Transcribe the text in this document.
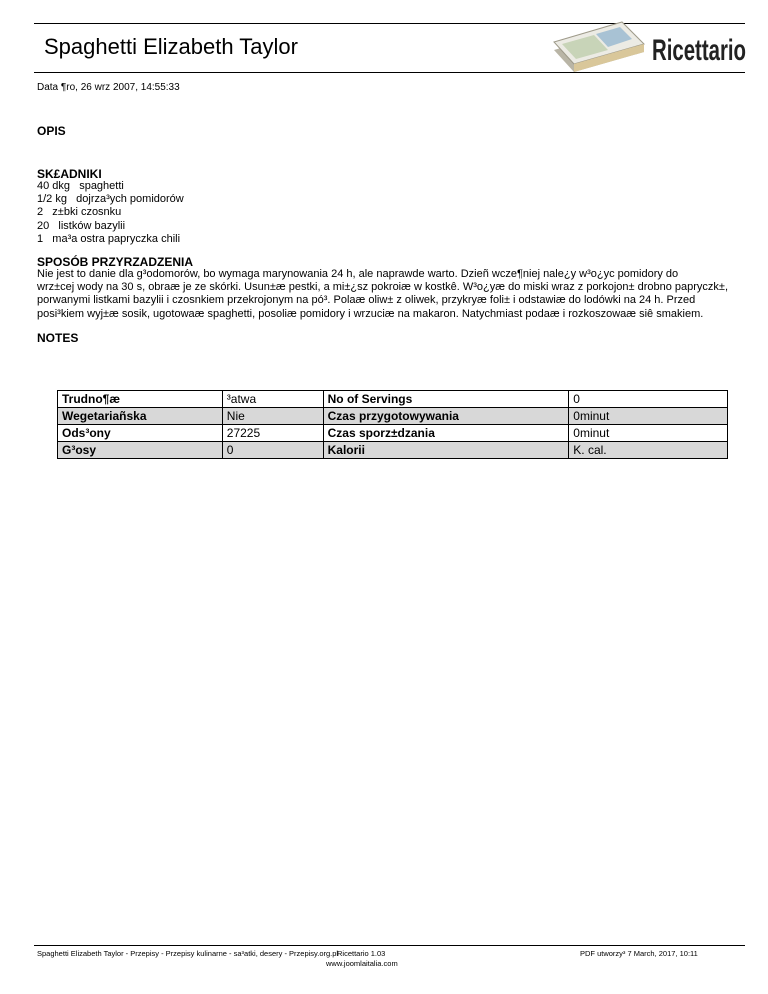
Spaghetti Elizabeth Taylor	Ricettario
Data ¶ro, 26 wrz 2007, 14:55:33
OPIS
SK£ADNIKI
40 dkg   spaghetti
1/2 kg   dojrza³ych pomidorów
2   z±bki czosnku
20   listków bazylii
1   ma³a ostra papryczka chili
SPOSÓB PRZYRZADZENIA
Nie jest to danie dla g³odomorów, bo wymaga marynowania 24 h, ale naprawde warto. Dzieñ wcze¶niej nale¿y w³o¿yc pomidory do
wrz±cej wody na 30 s, obraæ je ze skórki. Usun±æ pestki, a mi±¿sz pokroiæ w kostkê. W³o¿yæ do miski wraz z porkojon± drobno papryczk±,
porwanymi listkami bazylii i czosnkiem przekrojonym na pó³. Polaæ oliw± z oliwek, przykryæ foli± i odstawiæ do lodówki na 24 h. Przed
posi³kiem wyj±æ sosik, ugotowaæ spaghetti, posoliæ pomidory i wrzuciæ na makaron. Natychmiast podaæ i rozkoszowaæ siê smakiem.
NOTES
Trudno¶æ	³atwa	No of Servings	0
Wegetariañska	Nie	Czas przygotowywania	0minut
Ods³ony	27225	Czas sporz±dzania	0minut
G³osy	0	Kalorii	K. cal.
Spaghetti Elizabeth Taylor - Przepisy - Przepisy kulinarne - sa³atki, desery - Przepisy.org.pl
Ricettario 1.03
www.joomlaitalia.com
PDF utworzy³ 7 March, 2017, 10:11
